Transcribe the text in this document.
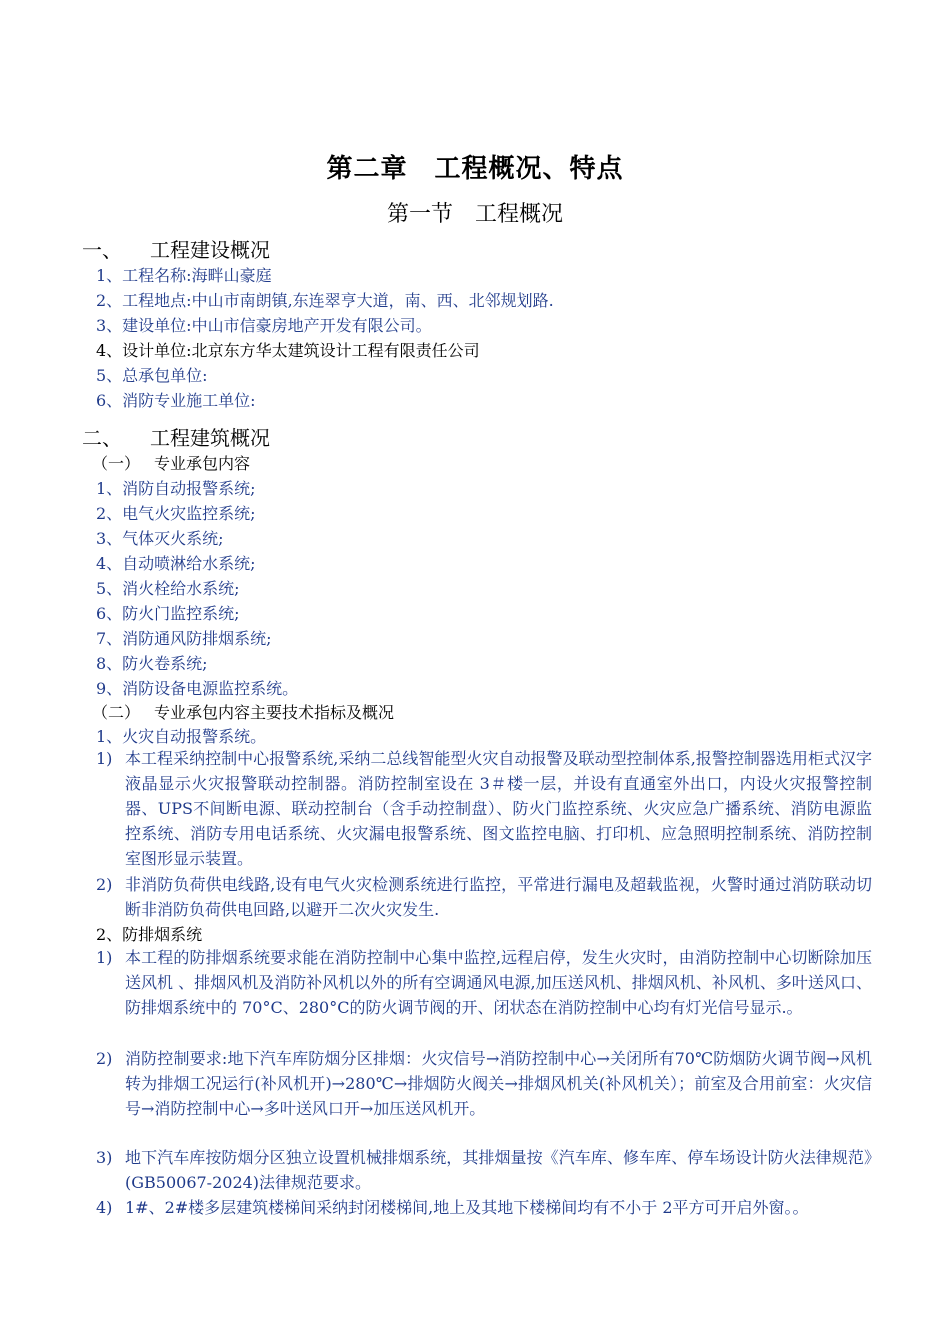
第二章　工程概况、特点
第一节　工程概况
一、 工程建设概况
1、工程名称:海畔山豪庭
2、工程地点:中山市南朗镇,东连翠亨大道，南、西、北邻规划路.
3、建设单位:中山市信豪房地产开发有限公司。
4、设计单位:北京东方华太建筑设计工程有限责任公司
5、总承包单位:
6、消防专业施工单位:
二、 工程建筑概况
（一） 专业承包内容
1、消防自动报警系统;
2、电气火灾监控系统;
3、气体灭火系统;
4、自动喷淋给水系统;
5、消火栓给水系统;
6、防火门监控系统;
7、消防通风防排烟系统;
8、防火卷系统;
9、消防设备电源监控系统。
（二） 专业承包内容主要技术指标及概况
1、火灾自动报警系统。
1) 本工程采纳控制中心报警系统,采纳二总线智能型火灾自动报警及联动型控制体系,报警控制器选用柜式汉字液晶显示火灾报警联动控制器。消防控制室设在 3＃楼一层，并设有直通室外出口，内设火灾报警控制器、UPS不间断电源、联动控制台（含手动控制盘）、防火门监控系统、火灾应急广播系统、消防电源监控系统、消防专用电话系统、火灾漏电报警系统、图文监控电脑、打印机、应急照明控制系统、消防控制室图形显示装置。
2) 非消防负荷供电线路,设有电气火灾检测系统进行监控，平常进行漏电及超载监视，火警时通过消防联动切断非消防负荷供电回路,以避开二次火灾发生.
2、防排烟系统
1) 本工程的防排烟系统要求能在消防控制中心集中监控,远程启停，发生火灾时，由消防控制中心切断除加压送风机 、排烟风机及消防补风机以外的所有空调通风电源,加压送风机、排烟风机、补风机、多叶送风口、防排烟系统中的 70°C、280°C的防火调节阀的开、闭状态在消防控制中心均有灯光信号显示.。
2) 消防控制要求:地下汽车库防烟分区排烟：火灾信号→消防控制中心→关闭所有70℃防烟防火调节阀→风机转为排烟工况运行(补风机开)→280℃→排烟防火阀关→排烟风机关(补风机关）；前室及合用前室：火灾信号→消防控制中心→多叶送风口开→加压送风机开。
3) 地下汽车库按防烟分区独立设置机械排烟系统，其排烟量按《汽车库、修车库、停车场设计防火法律规范》(GB50067-2024)法律规范要求。
4) 1#、2#楼多层建筑楼梯间采纳封闭楼梯间,地上及其地下楼梯间均有不小于 2平方可开启外窗。。
